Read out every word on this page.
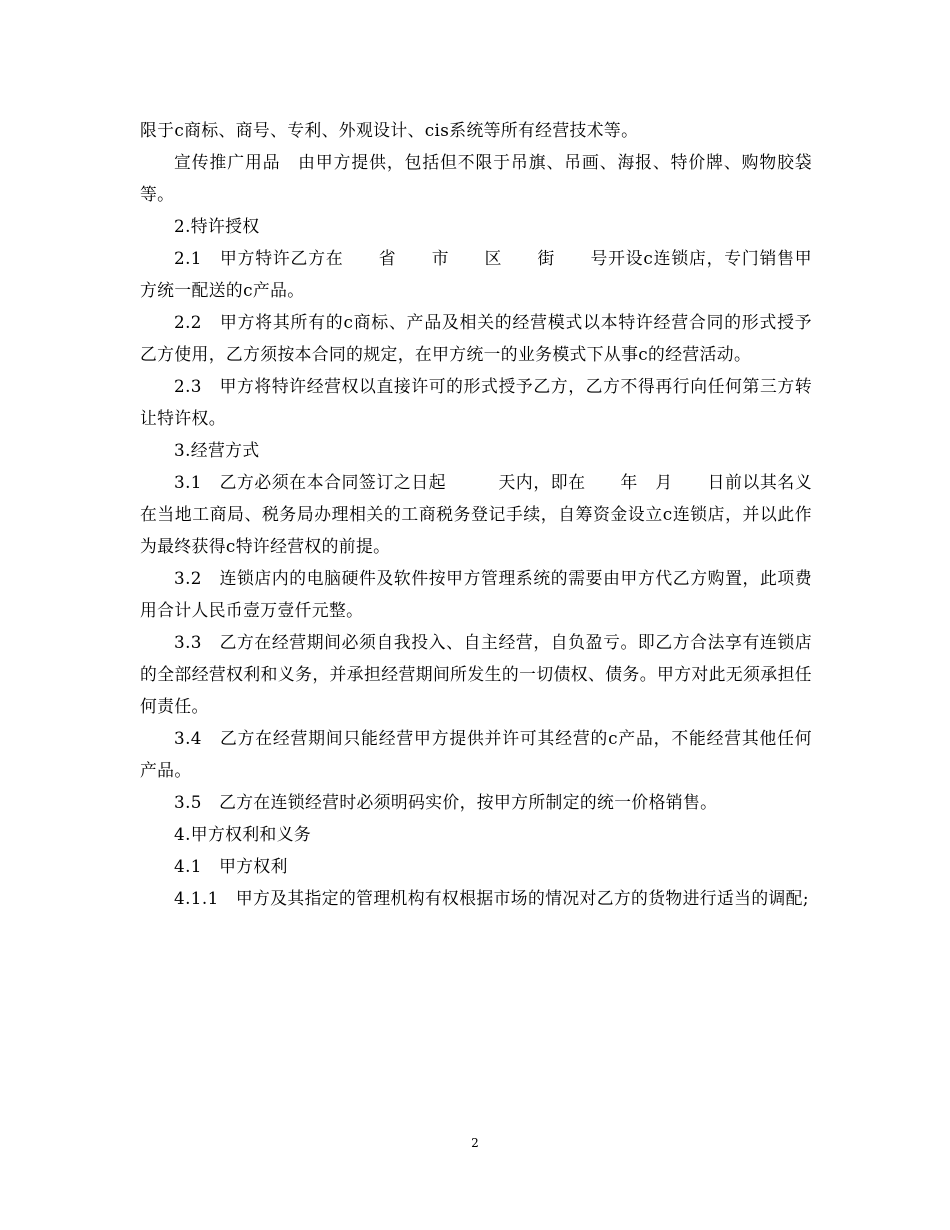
限于c商标、商号、专利、外观设计、cis系统等所有经营技术等。

宣传推广用品　由甲方提供，包括但不限于吊旗、吊画、海报、特价牌、购物胶袋等。

2.特许授权

2.1　甲方特许乙方在　　省　　市　　区　　街　　号开设c连锁店，专门销售甲方统一配送的c产品。

2.2　甲方将其所有的c商标、产品及相关的经营模式以本特许经营合同的形式授予乙方使用，乙方须按本合同的规定，在甲方统一的业务模式下从事c的经营活动。

2.3　甲方将特许经营权以直接许可的形式授予乙方，乙方不得再行向任何第三方转让特许权。

3.经营方式

3.1　乙方必须在本合同签订之日起　　　天内，即在　　年　月　　日前以其名义在当地工商局、税务局办理相关的工商税务登记手续，自筹资金设立c连锁店，并以此作为最终获得c特许经营权的前提。

3.2　连锁店内的电脑硬件及软件按甲方管理系统的需要由甲方代乙方购置，此项费用合计人民币壹万壹仟元整。

3.3　乙方在经营期间必须自我投入、自主经营，自负盈亏。即乙方合法享有连锁店的全部经营权利和义务，并承担经营期间所发生的一切债权、债务。甲方对此无须承担任何责任。

3.4　乙方在经营期间只能经营甲方提供并许可其经营的c产品，不能经营其他任何产品。

3.5　乙方在连锁经营时必须明码实价，按甲方所制定的统一价格销售。

4.甲方权利和义务

4.1　甲方权利

4.1.1　甲方及其指定的管理机构有权根据市场的情况对乙方的货物进行适当的调配;

2
